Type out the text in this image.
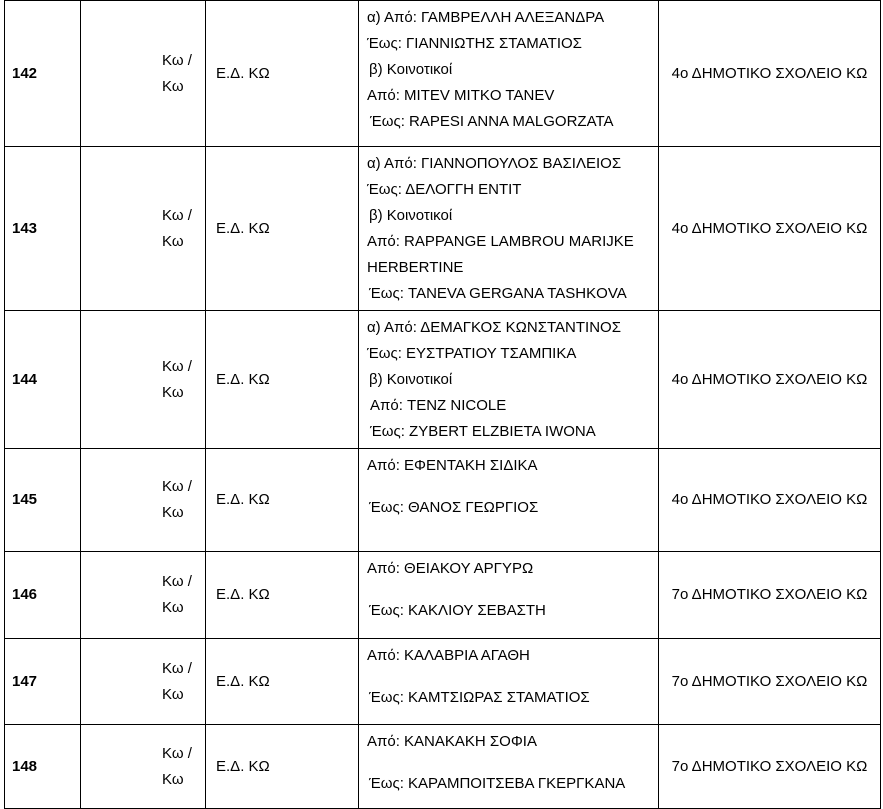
142	Κω / Κω	Ε.Δ. ΚΩ	α) Από: ΓΑΜΒΡΕΛΛΗ ΑΛΕΞΑΝΔΡΑ
Έως: ΓΙΑΝΝΙΩΤΗΣ ΣΤΑΜΑΤΙΟΣ
β) Κοινοτικοί
Από: MITEV MITKO TANEV
Έως: RAPESI ANNA MALGORZATA	4ο ΔΗΜΟΤΙΚΟ ΣΧΟΛΕΙΟ ΚΩ
143	Κω / Κω	Ε.Δ. ΚΩ	α) Από: ΓΙΑΝΝΟΠΟΥΛΟΣ ΒΑΣΙΛΕΙΟΣ
Έως: ΔΕΛΟΓΓΗ ΕΝΤΙΤ
β) Κοινοτικοί
Από: RAPPANGE LAMBROU MARIJKE HERBERTINE
Έως: TANEVA GERGANA TASHKOVA	4ο ΔΗΜΟΤΙΚΟ ΣΧΟΛΕΙΟ ΚΩ
144	Κω / Κω	Ε.Δ. ΚΩ	α) Από: ΔΕΜΑΓΚΟΣ ΚΩΝΣΤΑΝΤΙΝΟΣ
Έως: ΕΥΣΤΡΑΤΙΟΥ ΤΣΑΜΠΙΚΑ
β) Κοινοτικοί
Από: TENZ NICOLE
Έως: ZYBERT ELZBIETA IWONA	4ο ΔΗΜΟΤΙΚΟ ΣΧΟΛΕΙΟ ΚΩ
145	Κω / Κω	Ε.Δ. ΚΩ	Από: ΕΦΕΝΤΑΚΗ ΣΙΔΙΚΑ
Έως: ΘΑΝΟΣ ΓΕΩΡΓΙΟΣ	4ο ΔΗΜΟΤΙΚΟ ΣΧΟΛΕΙΟ ΚΩ
146	Κω / Κω	Ε.Δ. ΚΩ	Από: ΘΕΙΑΚΟΥ ΑΡΓΥΡΩ
Έως: ΚΑΚΛΙΟΥ ΣΕΒΑΣΤΗ	7ο ΔΗΜΟΤΙΚΟ ΣΧΟΛΕΙΟ ΚΩ
147	Κω / Κω	Ε.Δ. ΚΩ	Από: ΚΑΛΑΒΡΙΑ ΑΓΑΘΗ
Έως: ΚΑΜΤΣΙΩΡΑΣ ΣΤΑΜΑΤΙΟΣ	7ο ΔΗΜΟΤΙΚΟ ΣΧΟΛΕΙΟ ΚΩ
148	Κω / Κω	Ε.Δ. ΚΩ	Από: ΚΑΝΑΚΑΚΗ ΣΟΦΙΑ
Έως: ΚΑΡΑΜΠΟΙΤΣΕΒΑ ΓΚΕΡΓΚΑΝΑ	7ο ΔΗΜΟΤΙΚΟ ΣΧΟΛΕΙΟ ΚΩ
